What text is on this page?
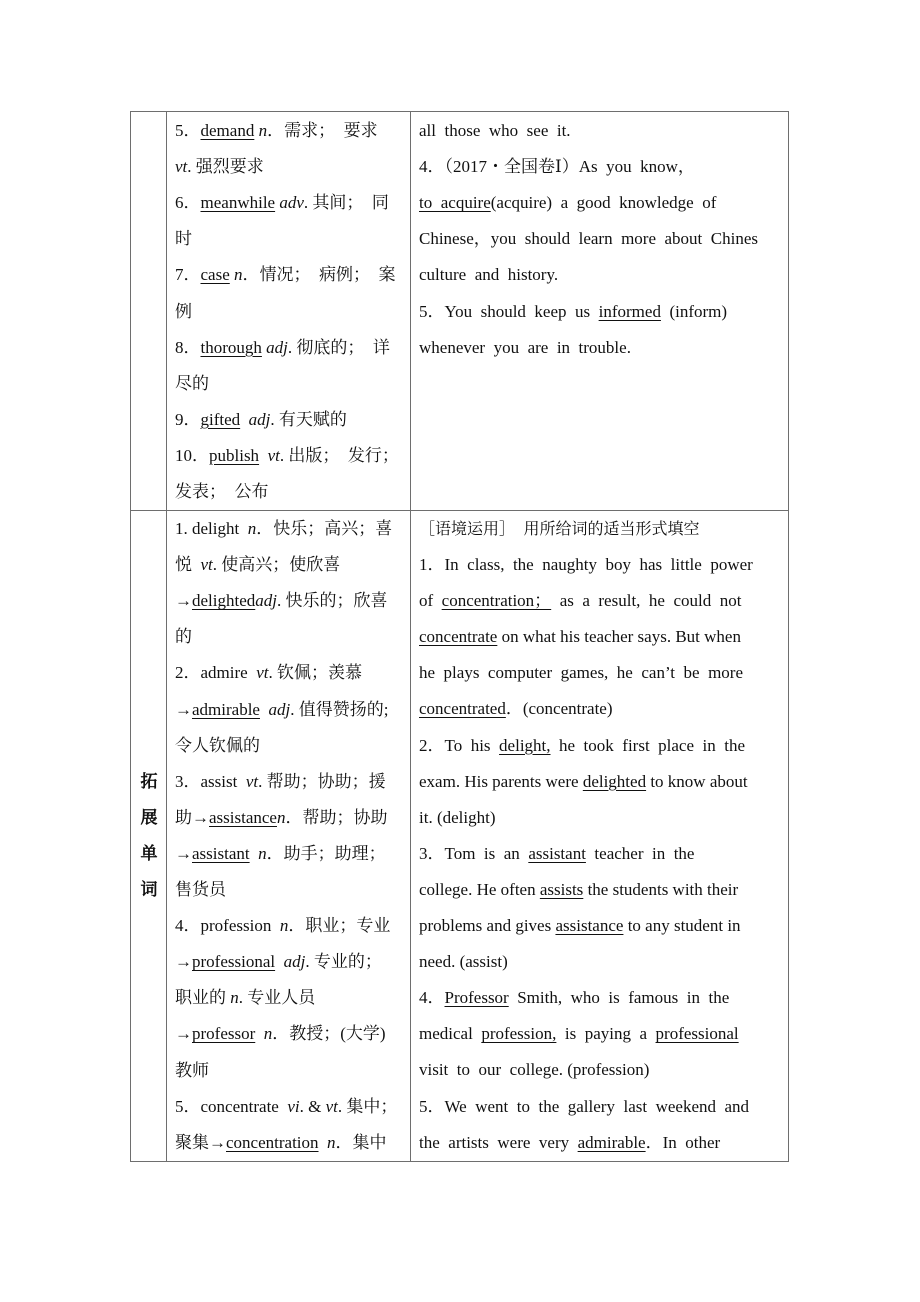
5．demand n．需求；　要求
vt. 强烈要求
6．meanwhile adv. 其间；　同
时
7．case n．情况；　病例；　案
例
8．thorough adj. 彻底的；　详
尽的
9．gifted adj. 有天赋的
10．publish vt. 出版；　发行；
发表；　公布
all  those  who  see  it.
4．（2017・全国卷Ⅰ）As  you  know，
to  acquire(acquire)  a  good  knowledge  of
Chinese，you  should  learn  more  about  Chines
culture  and  history.
5．You  should  keep  us  informed  (inform)
whenever  you  are  in  trouble.
拓
展
单
词
1. delight  n．快乐；高兴；喜
悦  vt. 使高兴；使欣喜
→delightedadj. 快乐的；欣喜
的
2．admire  vt. 钦佩；羡慕
→admirable adj. 值得赞扬的;
令人钦佩的
3．assist  vt. 帮助；协助；援
助→assistancen．帮助；协助
→assistant n．助手；助理；
售货员
4．profession  n．职业；专业
→professional adj. 专业的；
职业的 n. 专业人员
→professor n．教授；(大学)
教师
5．concentrate  vi. & vt. 集中；
聚集→concentration n．集中
［语境运用］ 用所给词的适当形式填空
1．In  class,  the  naughty  boy  has  little  power
of  concentration；  as  a  result,  he  could  not
concentrate on what his teacher says. But when
he  plays  computer  games,  he  can’t  be  more
concentrated．(concentrate)
2．To  his  delight,  he  took  first  place  in  the
exam. His parents were delighted to know about
it. (delight)
3．Tom  is  an  assistant  teacher  in  the
college. He often assists the students with their
problems and gives assistance to any student in
need. (assist)
4．Professor  Smith,  who  is  famous  in  the
medical  profession,  is  paying  a  professional
visit  to  our  college. (profession)
5．We  went  to  the  gallery  last  weekend  and
the  artists  were  very  admirable．In  other
